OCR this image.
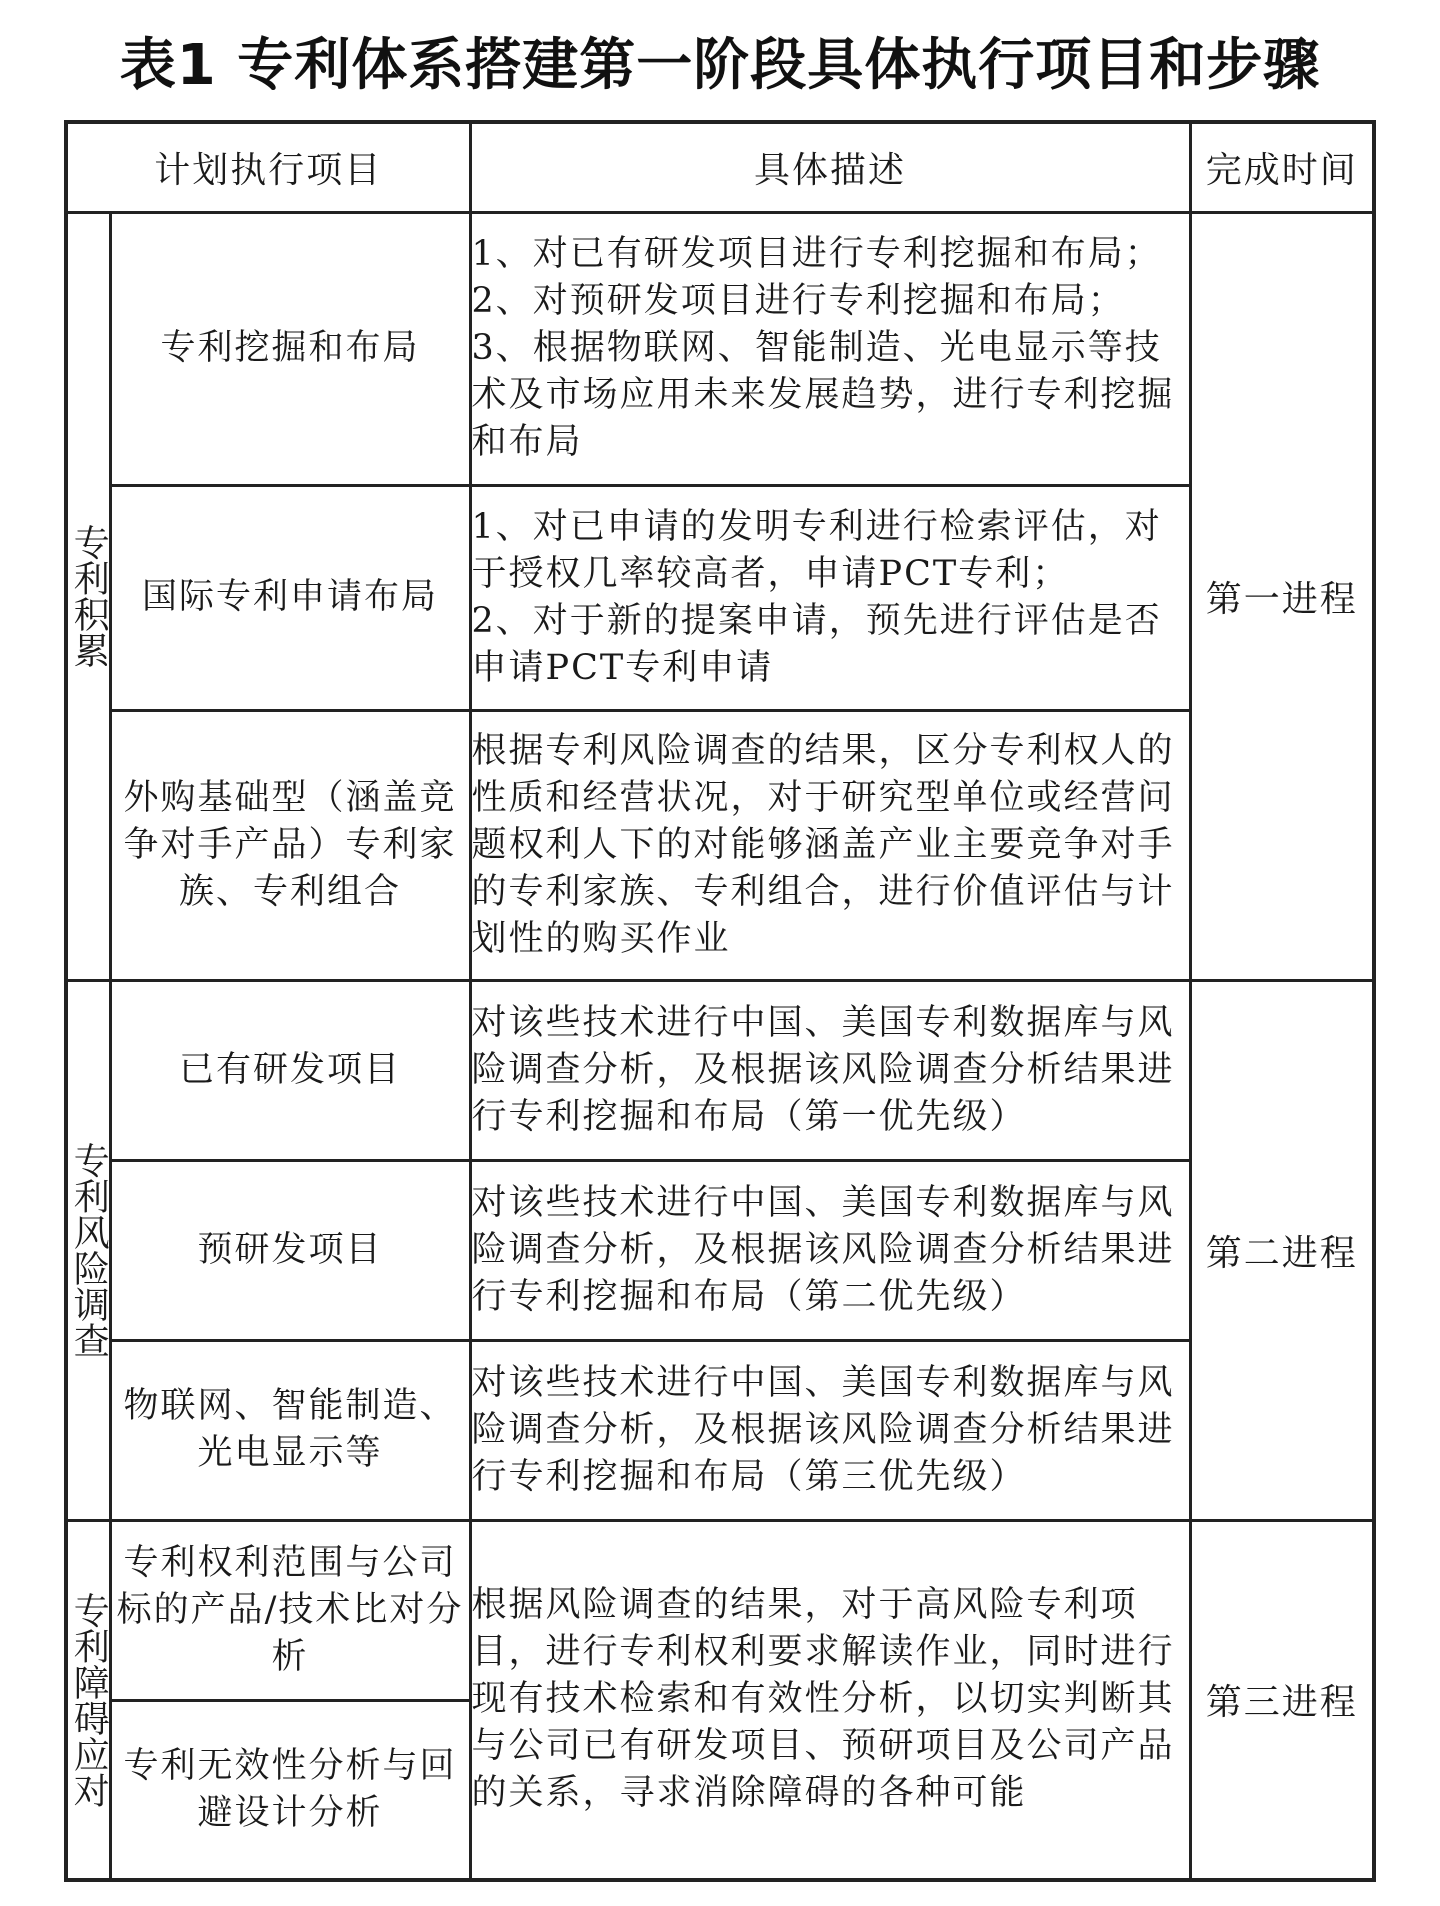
表1 专利体系搭建第一阶段具体执行项目和步骤
计划执行项目		具体描述	完成时间
专利积累	专利挖掘和布局	1、对已有研发项目进行专利挖掘和布局；
2、对预研发项目进行专利挖掘和布局；
3、根据物联网、智能制造、光电显示等技术及市场应用未来发展趋势，进行专利挖掘和布局	第一进程
	国际专利申请布局	1、对已申请的发明专利进行检索评估，对于授权几率较高者，申请PCT专利；
2、对于新的提案申请，预先进行评估是否申请PCT专利申请	

	外购基础型（涵盖竞争对手产品）专利家族、专利组合	根据专利风险调查的结果，区分专利权人的性质和经营状况，对于研究型单位或经营问题权利人下的对能够涵盖产业主要竞争对手的专利家族、专利组合，进行价值评估与计划性的购买作业	

专利风险调查	已有研发项目	对该些技术进行中国、美国专利数据库与风险调查分析，及根据该风险调查分析结果进行专利挖掘和布局（第一优先级）	第二进程
	预研发项目	对该些技术进行中国、美国专利数据库与风险调查分析，及根据该风险调查分析结果进行专利挖掘和布局（第二优先级）	

	物联网、智能制造、光电显示等	对该些技术进行中国、美国专利数据库与风险调查分析，及根据该风险调查分析结果进行专利挖掘和布局（第三优先级）	

专利障碍应对	专利权利范围与公司标的产品/技术比对分析	根据风险调查的结果，对于高风险专利项目，进行专利权利要求解读作业，同时进行现有技术检索和有效性分析，以切实判断其与公司已有研发项目、预研项目及公司产品的关系，寻求消除障碍的各种可能	第三进程
	专利无效性分析与回避设计分析		
